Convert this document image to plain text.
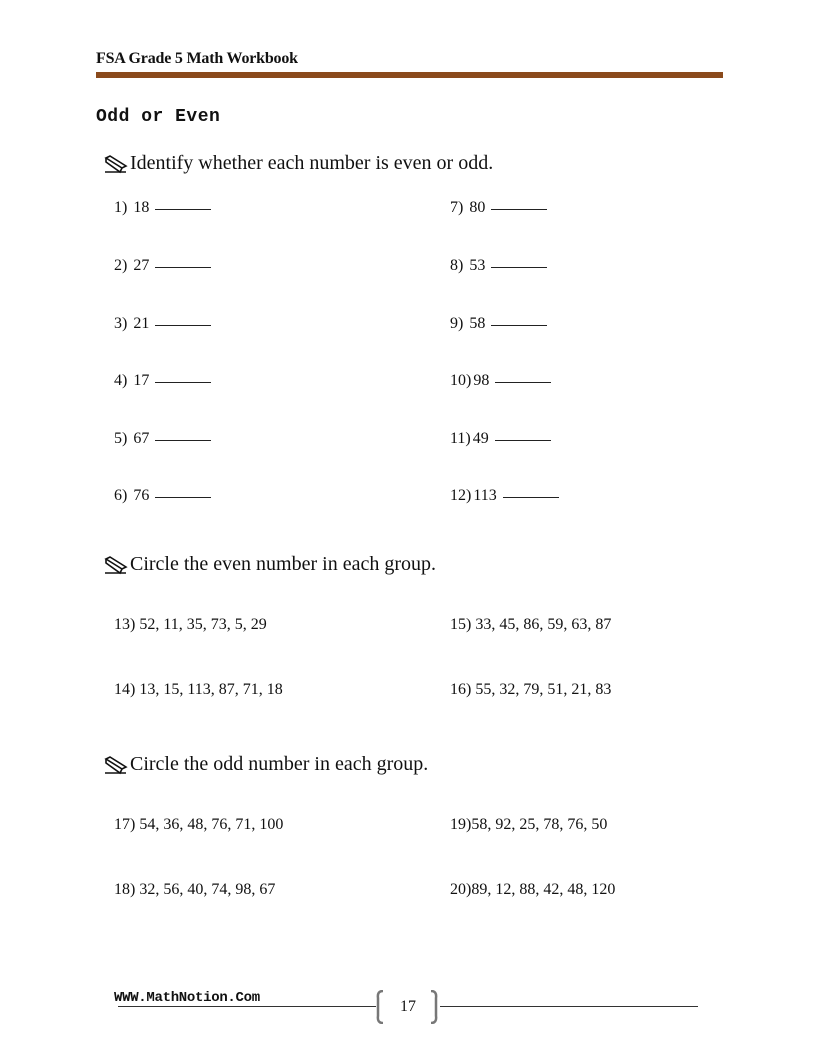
FSA Grade 5 Math Workbook
Odd or Even
Identify whether each number is even or odd.
1) 18
2) 27
3) 21
4) 17
5) 67
6) 76
7) 80
8) 53
9) 58
10) 98
11) 49
12) 113
Circle the even number in each group.
13) 52, 11, 35, 73, 5, 29
14) 13, 15, 113, 87, 71, 18
15) 33, 45, 86, 59, 63, 87
16) 55, 32, 79, 51, 21, 83
Circle the odd number in each group.
17) 54, 36, 48, 76, 71, 100
18) 32, 56, 40, 74, 98, 67
19)58, 92, 25, 78, 76, 50
20)89, 12, 88, 42, 48, 120
WWW.MathNotion.Com	17
